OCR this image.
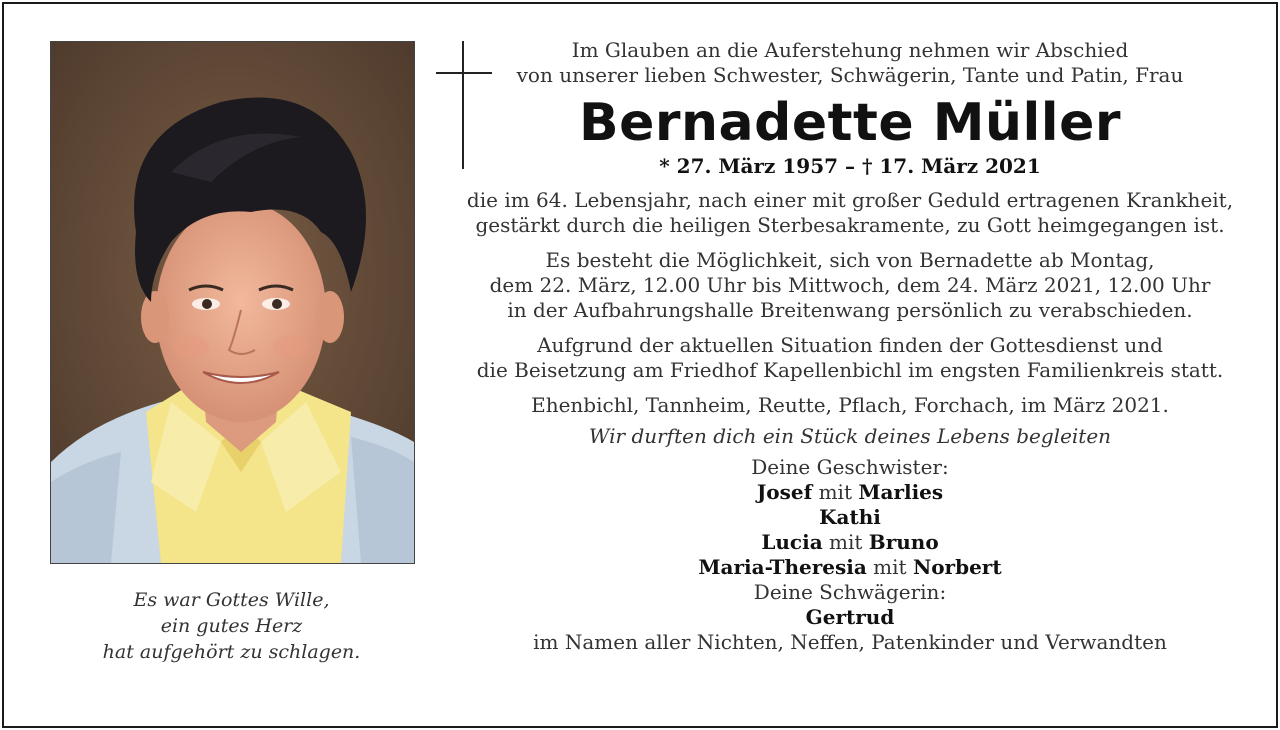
Es war Gottes Wille,
ein gutes Herz
hat aufgehört zu schlagen.
Im Glauben an die Auferstehung nehmen wir Abschied
von unserer lieben Schwester, Schwägerin, Tante und Patin, Frau
Bernadette Müller
* 27. März 1957 – † 17. März 2021
die im 64. Lebensjahr, nach einer mit großer Geduld ertragenen Krankheit,
gestärkt durch die heiligen Sterbesakramente, zu Gott heimgegangen ist.
Es besteht die Möglichkeit, sich von Bernadette ab Montag,
dem 22. März, 12.00 Uhr bis Mittwoch, dem 24. März 2021, 12.00 Uhr
in der Aufbahrungshalle Breitenwang persönlich zu verabschieden.
Aufgrund der aktuellen Situation finden der Gottesdienst und
die Beisetzung am Friedhof Kapellenbichl im engsten Familienkreis statt.
Ehenbichl, Tannheim, Reutte, Pflach, Forchach, im März 2021.
Wir durften dich ein Stück deines Lebens begleiten
Deine Geschwister:
Josef mit Marlies
Kathi
Lucia mit Bruno
Maria-Theresia mit Norbert
Deine Schwägerin:
Gertrud
im Namen aller Nichten, Neffen, Patenkinder und Verwandten
